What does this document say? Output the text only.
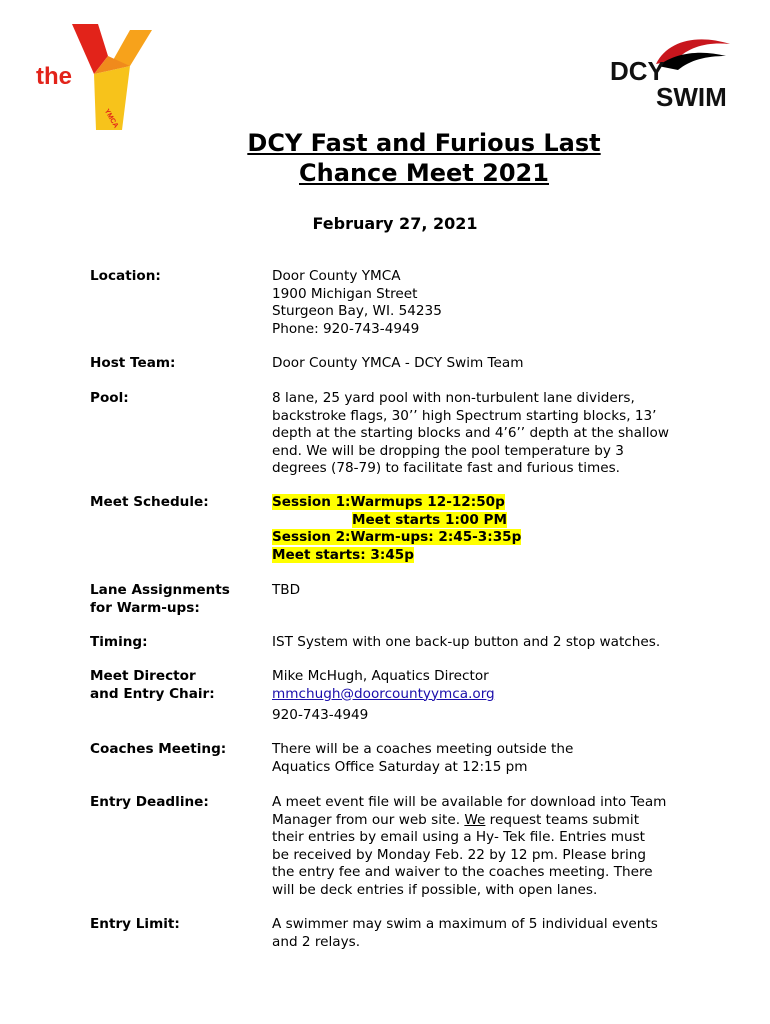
the
YMCA
DCY
SWIM
DCY Fast and Furious Last
Chance Meet 2021
February 27, 2021
Location:	Door County YMCA
1900 Michigan Street
Sturgeon Bay, WI. 54235
Phone: 920-743-4949
Host Team:	Door County YMCA - DCY Swim Team
Pool:	8 lane, 25 yard pool with non-turbulent lane dividers,
backstroke flags, 30’’ high Spectrum starting blocks, 13’
depth at the starting blocks and 4’6’’ depth at the shallow
end. We will be dropping the pool temperature by 3
degrees (78-79) to facilitate fast and furious times.
Meet Schedule:	Session 1:Warmups 12-12:50p
Meet starts 1:00 PM
Session 2:Warm-ups: 2:45-3:35p
Meet starts: 3:45p
Lane Assignments
for Warm-ups:
TBD
Timing:	IST System with one back-up button and 2 stop watches.
Meet Director
and Entry Chair:
Mike McHugh, Aquatics Director
mmchugh@doorcountyymca.org
920-743-4949
Coaches Meeting:	There will be a coaches meeting outside the
Aquatics Office Saturday at 12:15 pm
Entry Deadline:	A meet event file will be available for download into Team
Manager from our web site. We request teams submit
their entries by email using a Hy- Tek file. Entries must
be received by Monday Feb. 22 by 12 pm. Please bring
the entry fee and waiver to the coaches meeting. There
will be deck entries if possible, with open lanes.
Entry Limit:	A swimmer may swim a maximum of 5 individual events
and 2 relays.
